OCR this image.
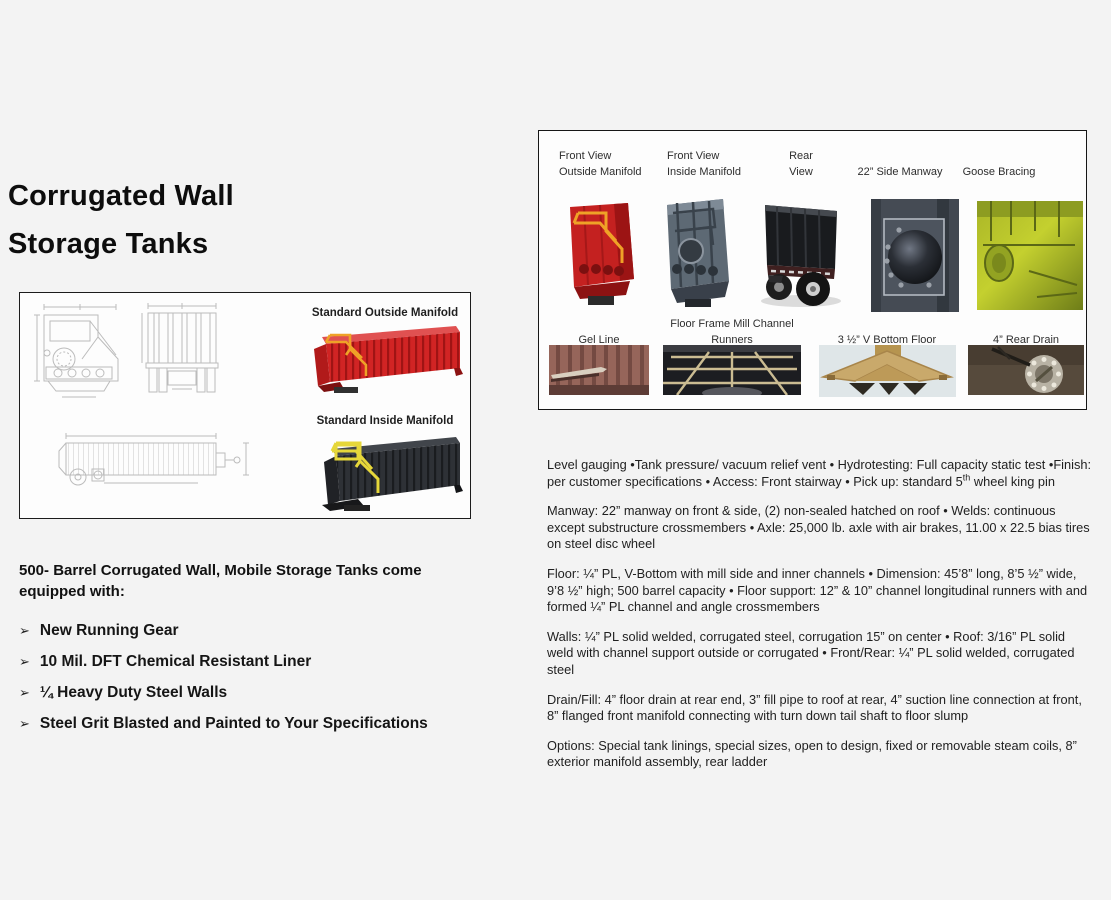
Corrugated Wall
Storage Tanks
Standard Outside Manifold
Standard Inside Manifold
500- Barrel Corrugated Wall, Mobile Storage Tanks come equipped with:
➢ New Running Gear
➢ 10 Mil. DFT Chemical Resistant Liner
➢ ¼ Heavy Duty Steel Walls
➢ Steel Grit Blasted and Painted to Your Specifications
Front View
Outside Manifold
Front View
Inside Manifold
Rear
View	22” Side Manway	Goose Bracing
Gel Line
Floor Frame Mill Channel
Runners	3 ½” V Bottom Floor	4” Rear Drain

Level gauging •Tank pressure/ vacuum relief vent • Hydrotesting: Full capacity static test •Finish: per customer specifications • Access: Front stairway • Pick up: standard 5th wheel king pin

Manway: 22” manway on front & side, (2) non-sealed hatched on roof • Welds: continuous except substructure crossmembers • Axle: 25,000 lb. axle with air brakes, 11.00 x 22.5 bias tires on steel disc wheel

Floor: ¼” PL, V-Bottom with mill side and inner channels • Dimension: 45’8” long, 8’5 ½” wide, 9’8 ½” high; 500 barrel capacity • Floor support: 12” & 10” channel longitudinal runners with and formed ¼” PL channel and angle crossmembers

Walls: ¼” PL solid welded, corrugated steel, corrugation 15” on center • Roof: 3/16” PL solid weld with channel support outside or corrugated • Front/Rear: ¼” PL solid welded, corrugated steel

Drain/Fill: 4” floor drain at rear end, 3” fill pipe to roof at rear, 4” suction line connection at front, 8” flanged front manifold connecting with turn down tail shaft to floor slump

Options: Special tank linings, special sizes, open to design, fixed or removable steam coils, 8” exterior manifold assembly, rear ladder
